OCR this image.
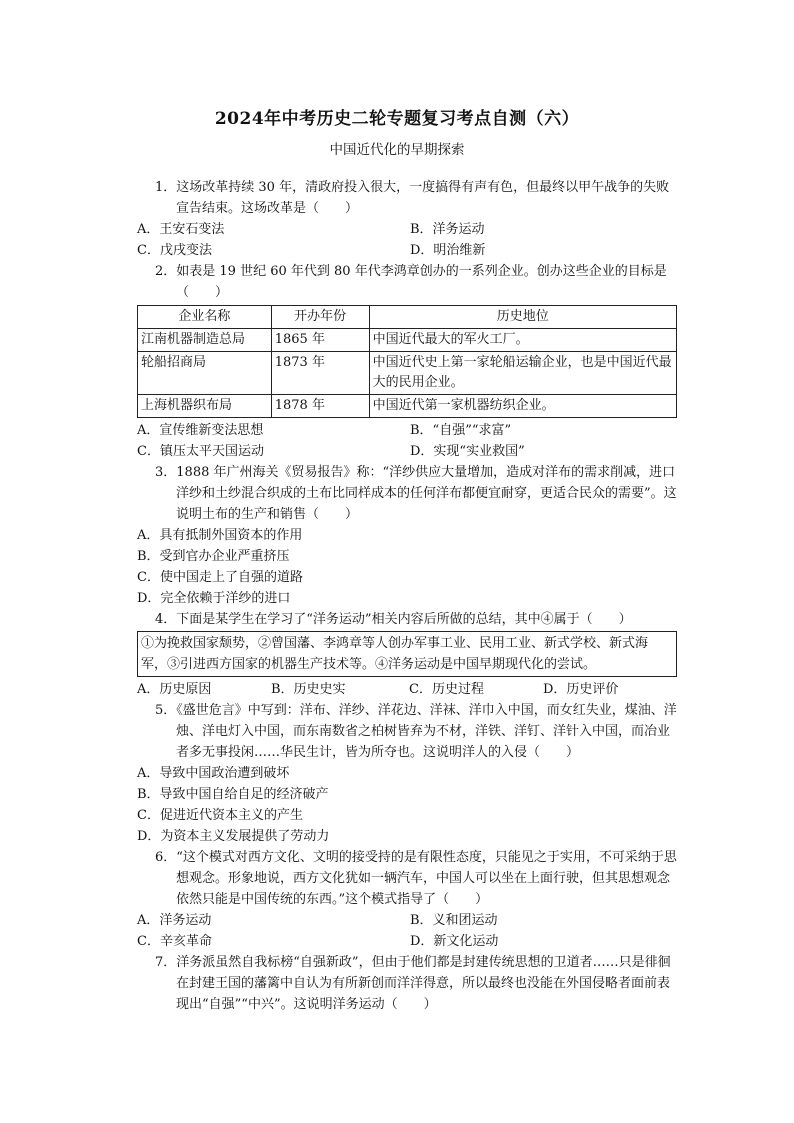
2024年中考历史二轮专题复习考点自测（六）
中国近代化的早期探索

1．这场改革持续 30 年，清政府投入很大，一度搞得有声有色，但最终以甲午战争的失败宣告结束。这场改革是（　　）

A．王安石变法	B．洋务运动
C．戊戌变法	D．明治维新

2．如表是 19 世纪 60 年代到 80 年代李鸿章创办的一系列企业。创办这些企业的目标是（　　）

企业名称	开办年份	历史地位
江南机器制造总局	1865 年	中国近代最大的军火工厂。
轮船招商局	1873 年	中国近代史上第一家轮船运输企业，也是中国近代最大的民用企业。
上海机器织布局	1878 年	中国近代第一家机器纺织企业。
A．宣传维新变法思想	B．“自强”“求富”
C．镇压太平天国运动	D．实现“实业救国”

3．1888 年广州海关《贸易报告》称：“洋纱供应大量增加，造成对洋布的需求削减，进口洋纱和土纱混合织成的土布比同样成本的任何洋布都便宜耐穿，更适合民众的需要”。这说明土布的生产和销售（　　）

A．具有抵制外国资本的作用
B．受到官办企业严重挤压
C．使中国走上了自强的道路
D．完全依赖于洋纱的进口

4．下面是某学生在学习了“洋务运动”相关内容后所做的总结，其中④属于（　　）

①为挽救国家颓势，②曾国藩、李鸿章等人创办军事工业、民用工业、新式学校、新式海军，③引进西方国家的机器生产技术等。④洋务运动是中国早期现代化的尝试。
A．历史原因	B．历史史实	C．历史过程	D．历史评价

5．《盛世危言》中写到：洋布、洋纱、洋花边、洋袜、洋巾入中国，而女红失业，煤油、洋烛、洋电灯入中国，而东南数省之柏树皆弃为不材，洋铁、洋钉、洋针入中国，而冶业者多无事投闲……华民生计，皆为所夺也。这说明洋人的入侵（　　）

A．导致中国政治遭到破坏
B．导致中国自给自足的经济破产
C．促进近代资本主义的产生
D．为资本主义发展提供了劳动力

6．“这个模式对西方文化、文明的接受持的是有限性态度，只能见之于实用，不可采纳于思想观念。形象地说，西方文化犹如一辆汽车，中国人可以坐在上面行驶，但其思想观念依然只能是中国传统的东西。”这个模式指导了（　　）

A．洋务运动	B．义和团运动
C．辛亥革命	D．新文化运动

7．洋务派虽然自我标榜“自强新政”，但由于他们都是封建传统思想的卫道者……只是徘徊在封建王国的藩篱中自认为有所新创而洋洋得意，所以最终也没能在外国侵略者面前表现出“自强”“中兴”。这说明洋务运动（　　）
